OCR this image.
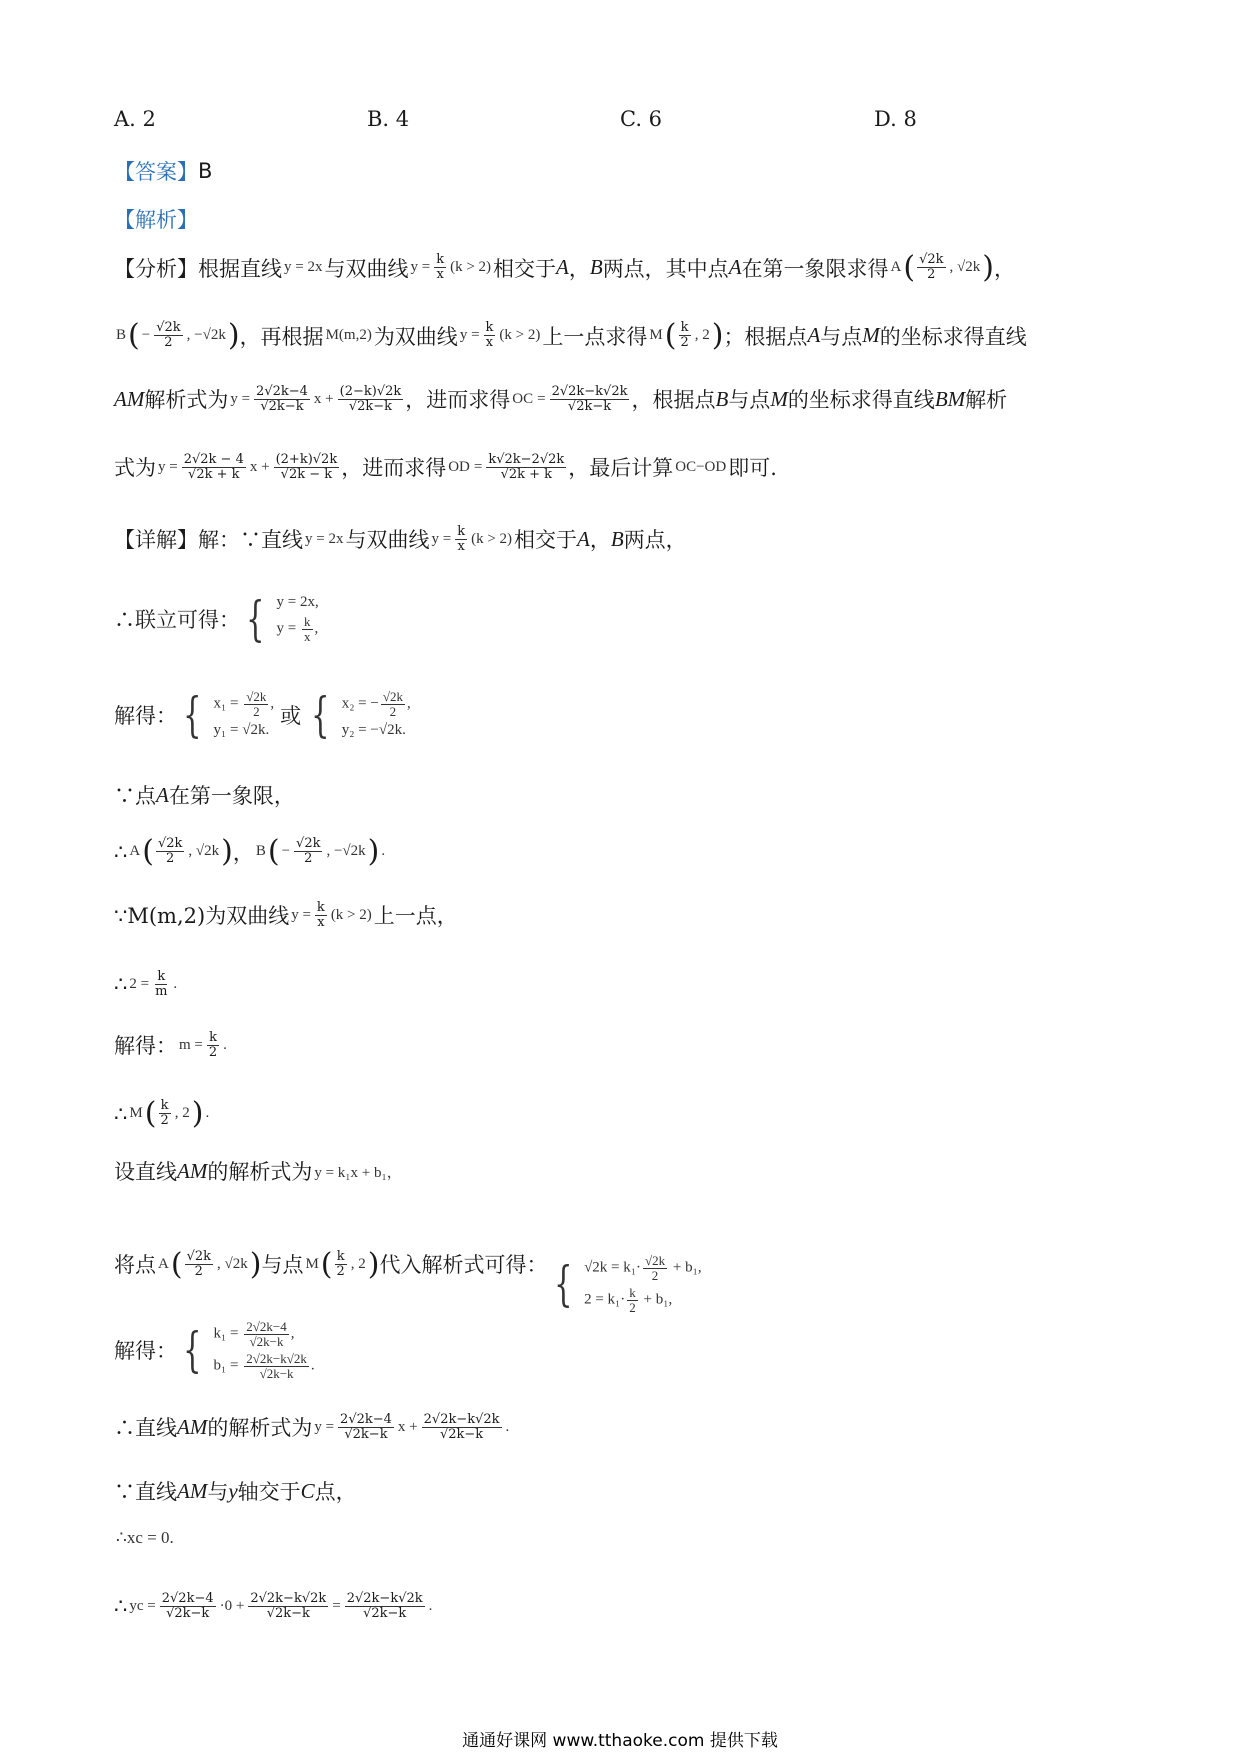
A. 2	B. 4	C. 6	D. 8
【答案】 B
【解析】
【分析】根据直线 y = 2x 与双曲线 $y = \frac{k}{x} (k > 2)$ 相交于 A ， B 两点，其中点 A 在第一象限求得 A ( $\frac{√2k}{2}$ , √2k ) ，
B ( − $\frac{√2k}{2}$ , −√2k ) ，再根据 M(m,2) 为双曲线 $y = \frac{k}{x} (k > 2)$ 上一点求得 M ( $\frac{k}{2}$ , 2 ) ；根据点 A 与点 M 的坐标求得直线
AM 解析式为 $y = \frac{2√2k-4}{√2k-k}$ $x + \frac{(2-k)√2k}{√2k-k}$ ，进而求得 OC = $\frac{2√2k-k√2k}{√2k-k}$ ，根据点 B 与点 M 的坐标求得直线 BM 解析
式为 $y = \frac{2√2k - 4}{√2k + k}$ $x + \frac{(2+k)√2k}{√2k - k}$ ，进而求得 OD = $\frac{k√2k-2√2k}{√2k + k}$ ，最后计算 OC−OD 即可.
【详解】解：∵直线 y = 2x 与双曲线 $y = \frac{k}{x} (k > 2)$ 相交于 A ， B 两点，
∴联立可得： { y = 2x,
$y = \frac{k}{x}$ ,
解得： { $x_1 = \frac{√2k}{2}$ ,
y₁ = √2k.
或 { x₂ = − $\frac{√2k}{2}$ ,
y₂ = −√2k.
∵点 A 在第一象限，
∴ A ( $\frac{√2k}{2}$ , √2k ) ， B ( − $\frac{√2k}{2}$ , −√2k ) .
∵M(m,2)为双曲线 $y = \frac{k}{x} (k > 2)$ 上一点，
∴ $2 = \frac{k}{m}$ .
解得： $m = \frac{k}{2}$ .
∴ M ( $\frac{k}{2}$ , 2 ) .
设直线 AM 的解析式为 y = k₁x + b₁，
将点 A ( $\frac{√2k}{2}$ , √2k ) 与点 M ( $\frac{k}{2}$ , 2 ) 代入解析式可得： { $√2k = k_1\cdot \frac{√2k}{2} + b_1$,
$2 = k_1\cdot \frac{k}{2} + b_1$,
解得： { $k_1 = \frac{2√2k-4}{√2k-k}$ ,
$b_1 = \frac{2√2k-k√2k}{√2k-k}$ .
∴直线 AM 的解析式为 $y = \frac{2√2k-4}{√2k-k}$ $x + \frac{2√2k-k√2k}{√2k-k}$ .
∵直线 AM 与 y 轴交于 C 点，
∴xc = 0.
∴ yc = $\frac{2√2k-4}{√2k-k} \cdot 0 + \frac{2√2k-k√2k}{√2k-k} = \frac{2√2k-k√2k}{√2k-k}$ .
通通好课网 www.tthaoke.com 提供下载
